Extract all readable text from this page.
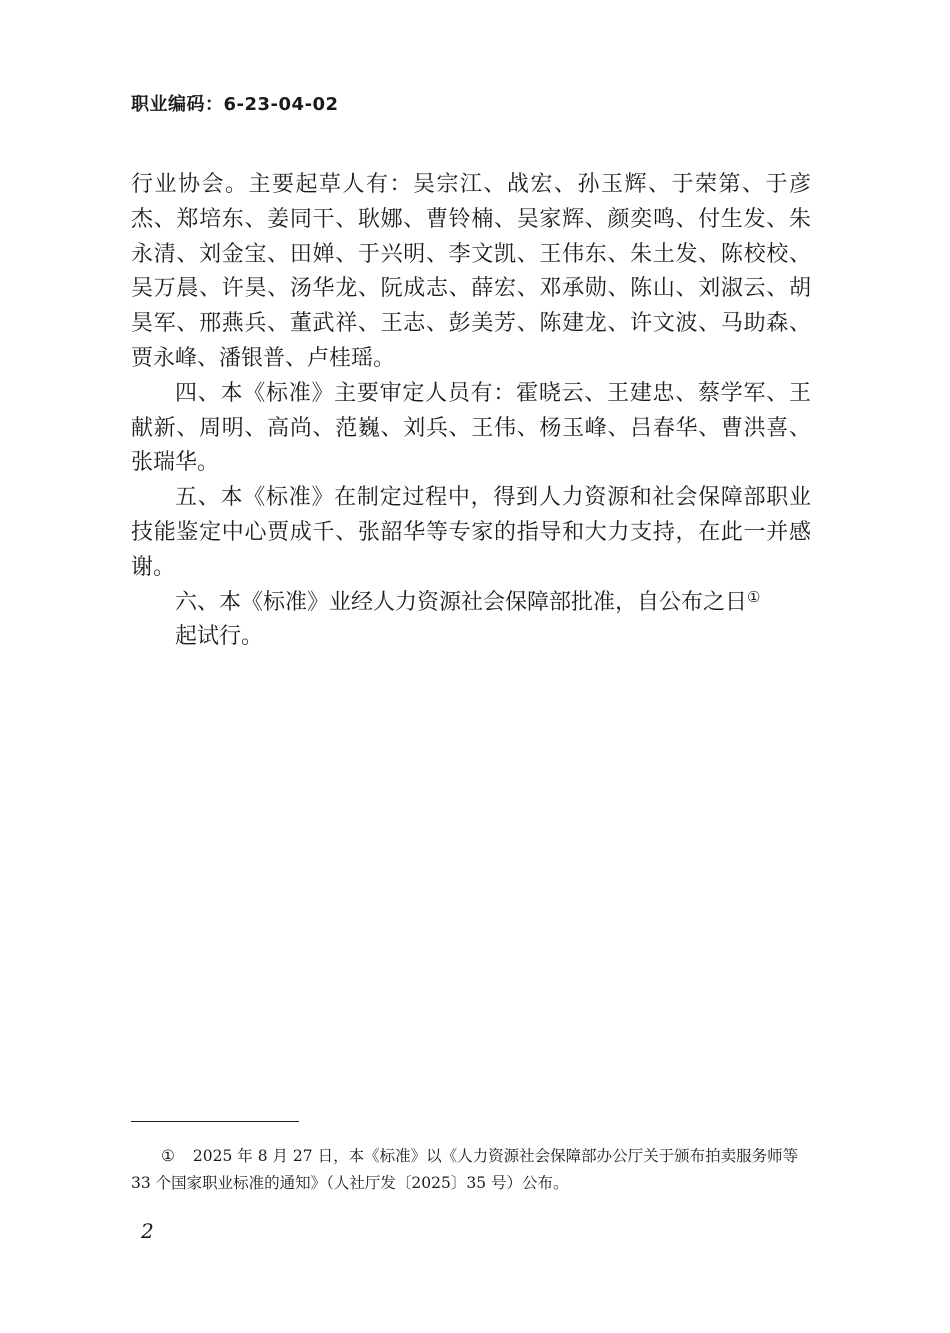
职业编码：6-23-04-02

行业协会。主要起草人有：吴宗江、战宏、孙玉辉、于荣第、于彦杰、郑培东、姜同干、耿娜、曹铃楠、吴家辉、颜奕鸣、付生发、朱永清、刘金宝、田婵、于兴明、李文凯、王伟东、朱土发、陈校校、吴万晨、许昊、汤华龙、阮成志、薛宏、邓承勋、陈山、刘淑云、胡昊军、邢燕兵、董武祥、王志、彭美芳、陈建龙、许文波、马助森、贾永峰、潘银普、卢桂瑶。

四、本《标准》主要审定人员有：霍晓云、王建忠、蔡学军、王献新、周明、高尚、范巍、刘兵、王伟、杨玉峰、吕春华、曹洪喜、张瑞华。

五、本《标准》在制定过程中，得到人力资源和社会保障部职业技能鉴定中心贾成千、张韶华等专家的指导和大力支持，在此一并感谢。

六、本《标准》业经人力资源社会保障部批准，自公布之日①
起试行。

① 2025 年 8 月 27 日，本《标准》以《人力资源社会保障部办公厅关于颁布拍卖服务师等 33 个国家职业标准的通知》（人社厅发〔2025〕35 号）公布。
2
